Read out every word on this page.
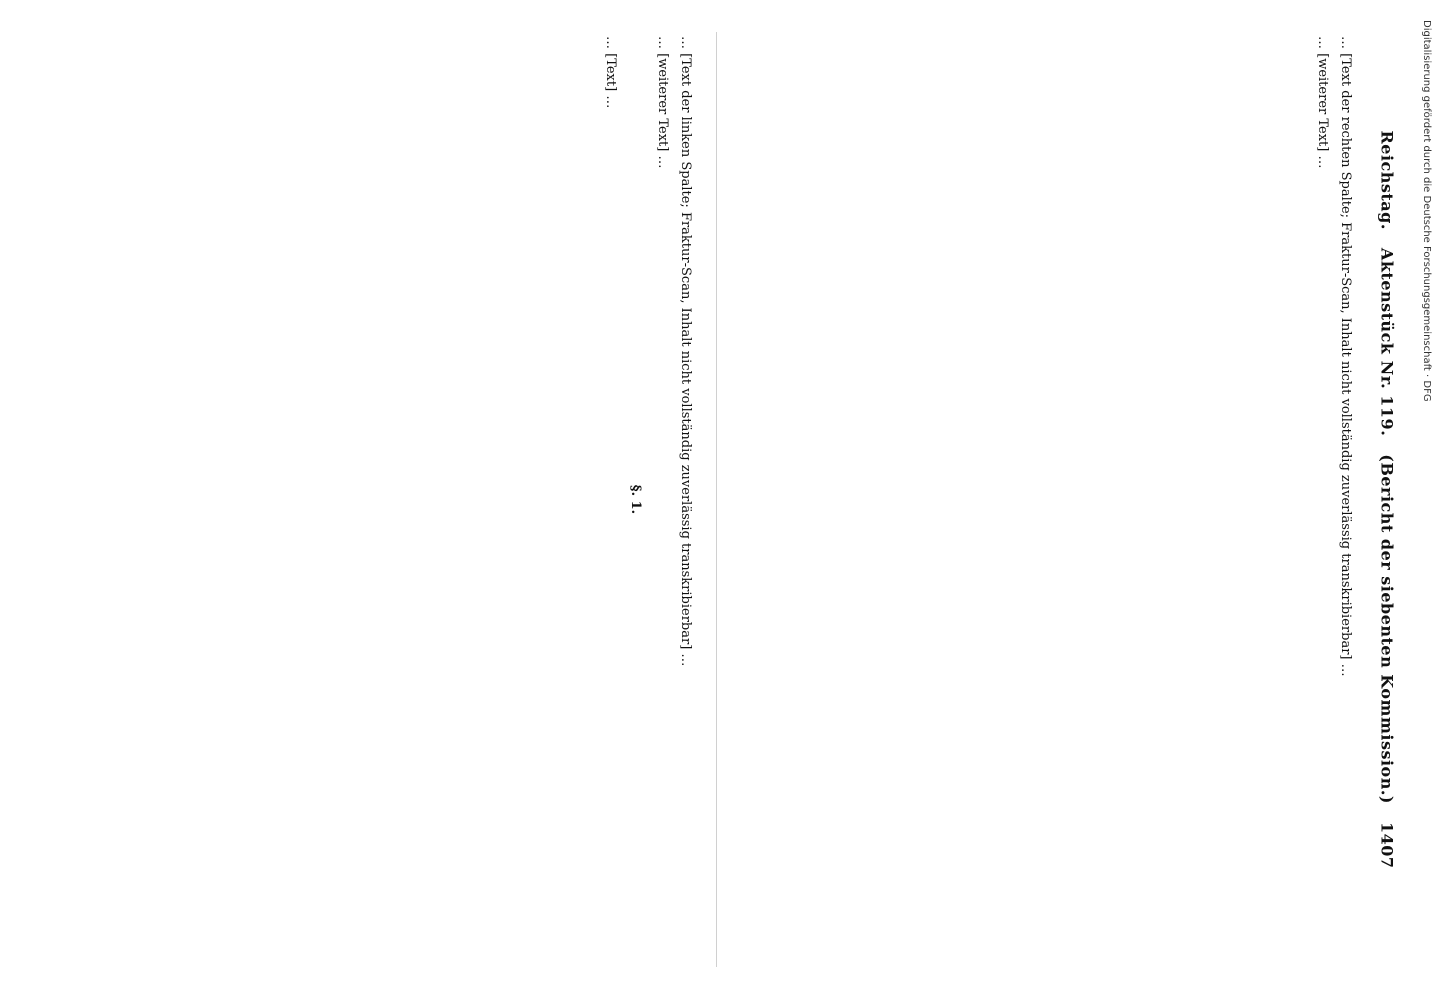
… [Text der linken Spalte; Fraktur-Scan, Inhalt nicht vollständig zuverlässig transkribierbar] …

… [weiterer Text] …

§. 1.

… [Text] …	… [Text der rechten Spalte; Fraktur-Scan, Inhalt nicht vollständig zuverlässig transkribierbar] …

… [weiterer Text] …

Reichstag.
Aktenstück Nr. 119.
(Bericht der siebenten Kommission.)
1407
Digitalisierung gefördert durch die Deutsche Forschungsgemeinschaft · DFG
